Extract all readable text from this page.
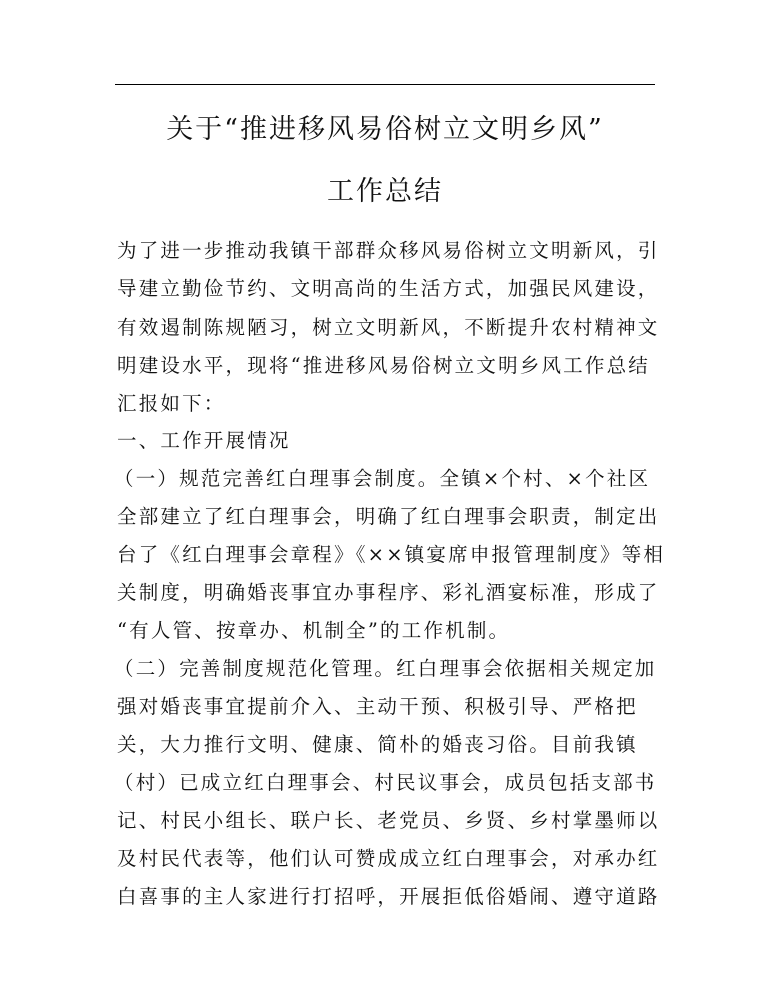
关于“推进移风易俗树立文明乡风”
工作总结
为了进一步推动我镇干部群众移风易俗树立文明新风，引
导建立勤俭节约、文明高尚的生活方式，加强民风建设，
有效遏制陈规陋习，树立文明新风，不断提升农村精神文
明建设水平，现将“推进移风易俗树立文明乡风工作总结
汇报如下：
一、工作开展情况
（一）规范完善红白理事会制度。全镇×个村、×个社区
全部建立了红白理事会，明确了红白理事会职责，制定出
台了《红白理事会章程》《××镇宴席申报管理制度》等相
关制度，明确婚丧事宜办事程序、彩礼酒宴标准，形成了
“有人管、按章办、机制全”的工作机制。
（二）完善制度规范化管理。红白理事会依据相关规定加
强对婚丧事宜提前介入、主动干预、积极引导、严格把
关，大力推行文明、健康、简朴的婚丧习俗。目前我镇
（村）已成立红白理事会、村民议事会，成员包括支部书
记、村民小组长、联户长、老党员、乡贤、乡村掌墨师以
及村民代表等，他们认可赞成成立红白理事会，对承办红
白喜事的主人家进行打招呼，开展拒低俗婚闹、遵守道路
